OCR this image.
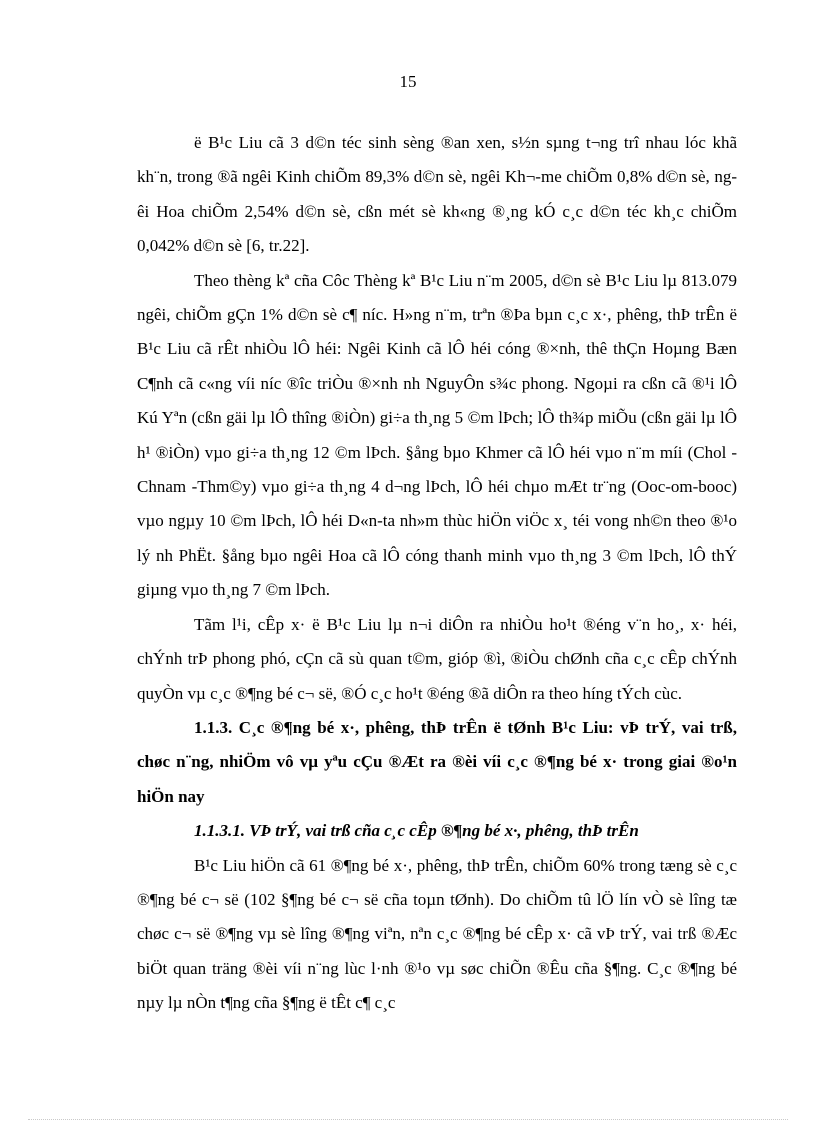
15

ë B¹c Liu cã 3 d©n téc sinh sèng ®an xen, s½n sµng t¬ng trî nhau lóc khã kh¨n, trong ®ã ngêi Kinh chiÕm 89,3% d©n sè, ngêi Kh¬-me chiÕm 0,8% d©n sè, ngêi Hoa chiÕm 2,54% d©n sè, cßn mét sè kh«ng ®¸ng kÓ c¸c d©n téc kh¸c chiÕm 0,042% d©n sè [6, tr.22].

Theo thèng kª cña Côc Thèng kª B¹c Liu n¨m 2005, d©n sè B¹c Liu lµ 813.079 ngêi, chiÕm gÇn 1% d©n sè c¶ níc. H»ng n¨m, trªn ®Þa bµn c¸c x·, phêng, thÞ trÊn ë B¹c Liu cã rÊt nhiÒu lÔ héi: Ngêi Kinh cã lÔ héi cóng ®×nh, thê thÇn Hoµng Bæn C¶nh cã c«ng víi níc ®îc triÒu ®×nh nh NguyÔn s¾c phong. Ngoµi ra cßn cã ®¹i lÔ Kú Yªn (cßn gäi lµ lÔ thîng ®iÒn) gi÷a th¸ng 5 ©m lÞch; lÔ th¾p miÕu (cßn gäi lµ lÔ h¹ ®iÒn) vµo gi÷a th¸ng 12 ©m lÞch. §ång bµo Khmer cã lÔ héi vµo n¨m míi (Chol - Chnam -Thm©y) vµo gi÷a th¸ng 4 d¬ng lÞch, lÔ héi chµo mÆt tr¨ng (Ooc-om-booc) vµo ngµy 10 ©m lÞch, lÔ héi D«n-ta nh»m thùc hiÖn viÖc x¸ téi vong nh©n theo ®¹o lý nh PhËt. §ång bµo ngêi Hoa cã lÔ cóng thanh minh vµo th¸ng 3 ©m lÞch, lÔ thÝ giµng vµo th¸ng 7 ©m lÞch.

Tãm l¹i, cÊp x· ë B¹c Liu lµ n¬i diÔn ra nhiÒu ho¹t ®éng v¨n ho¸, x· héi, chÝnh trÞ phong phó, cÇn cã sù quan t©m, gióp ®ì, ®iÒu chØnh cña c¸c cÊp chÝnh quyÒn vµ c¸c ®¶ng bé c¬ së, ®Ó c¸c ho¹t ®éng ®ã diÔn ra theo híng tÝch cùc.

1.1.3. C¸c ®¶ng bé x·, phêng, thÞ trÊn ë tØnh B¹c Liu: vÞ trÝ, vai trß, chøc n¨ng, nhiÖm vô vµ yªu cÇu ®Æt ra ®èi víi c¸c ®¶ng bé x· trong giai ®o¹n hiÖn nay

1.1.3.1. VÞ trÝ, vai trß cña c¸c cÊp ®¶ng bé x·, phêng, thÞ trÊn

B¹c Liu hiÖn cã 61 ®¶ng bé x·, phêng, thÞ trÊn, chiÕm 60% trong tæng sè c¸c ®¶ng bé c¬ së (102 §¶ng bé c¬ së cña toµn tØnh). Do chiÕm tû lÖ lín vÒ sè lîng tæ chøc c¬ së ®¶ng vµ sè lîng ®¶ng viªn, nªn c¸c ®¶ng bé cÊp x· cã vÞ trÝ, vai trß ®Æc biÖt quan träng ®èi víi n¨ng lùc l·nh ®¹o vµ søc chiÕn ®Êu cña §¶ng. C¸c ®¶ng bé nµy lµ nÒn t¶ng cña §¶ng ë tÊt c¶ c¸c
